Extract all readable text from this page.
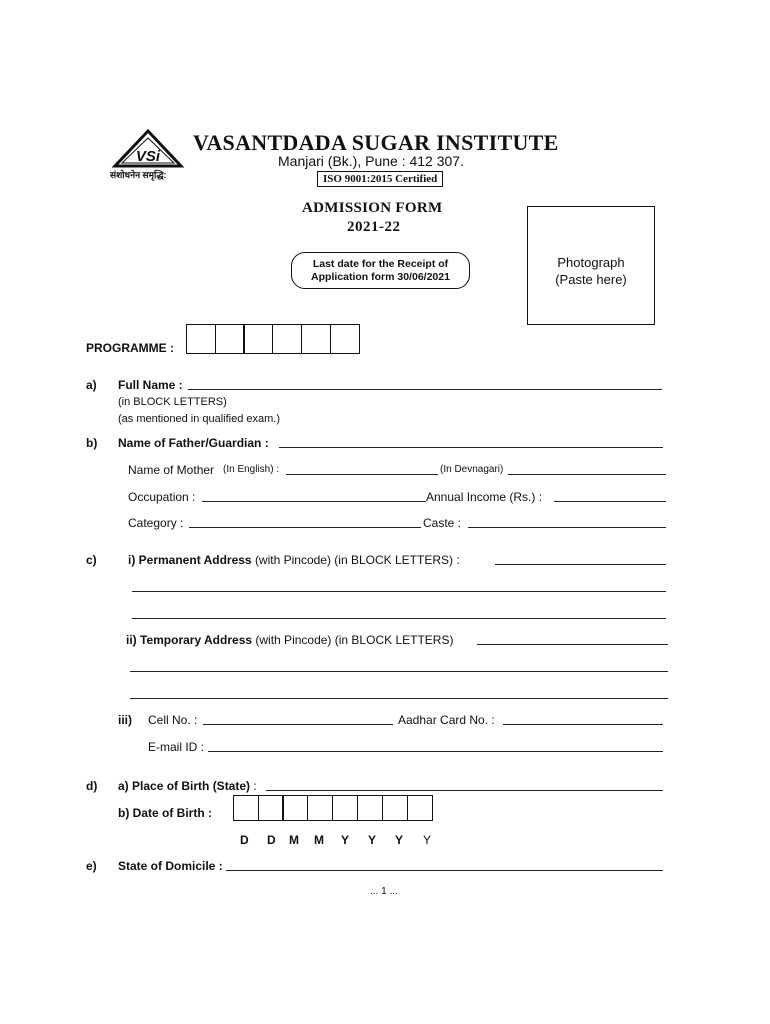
VSi
संशोधनेन समृद्धि:
VASANTDADA SUGAR INSTITUTE
Manjari (Bk.), Pune : 412 307.
ISO 9001:2015 Certified
ADMISSION FORM
2021-22
Last date for the Receipt of
Application form 30/06/2021
Photograph
(Paste here)
PROGRAMME :
a) Full Name :
(in BLOCK LETTERS)
(as mentioned in qualified exam.)
b) Name of Father/Guardian :
Name of Mother (In English) :	(In Devnagari)
Occupation :	Annual Income (Rs.) :
Category :	Caste :
c)	i) Permanent Address (with Pincode) (in BLOCK LETTERS) :
ii) Temporary Address (with Pincode) (in BLOCK LETTERS)
iii) Cell No. :	Aadhar Card No. :
E-mail ID :
d) a) Place of Birth (State) :
b) Date of Birth :
D D M M Y Y Y Y
e) State of Domicile :
... 1 ...
